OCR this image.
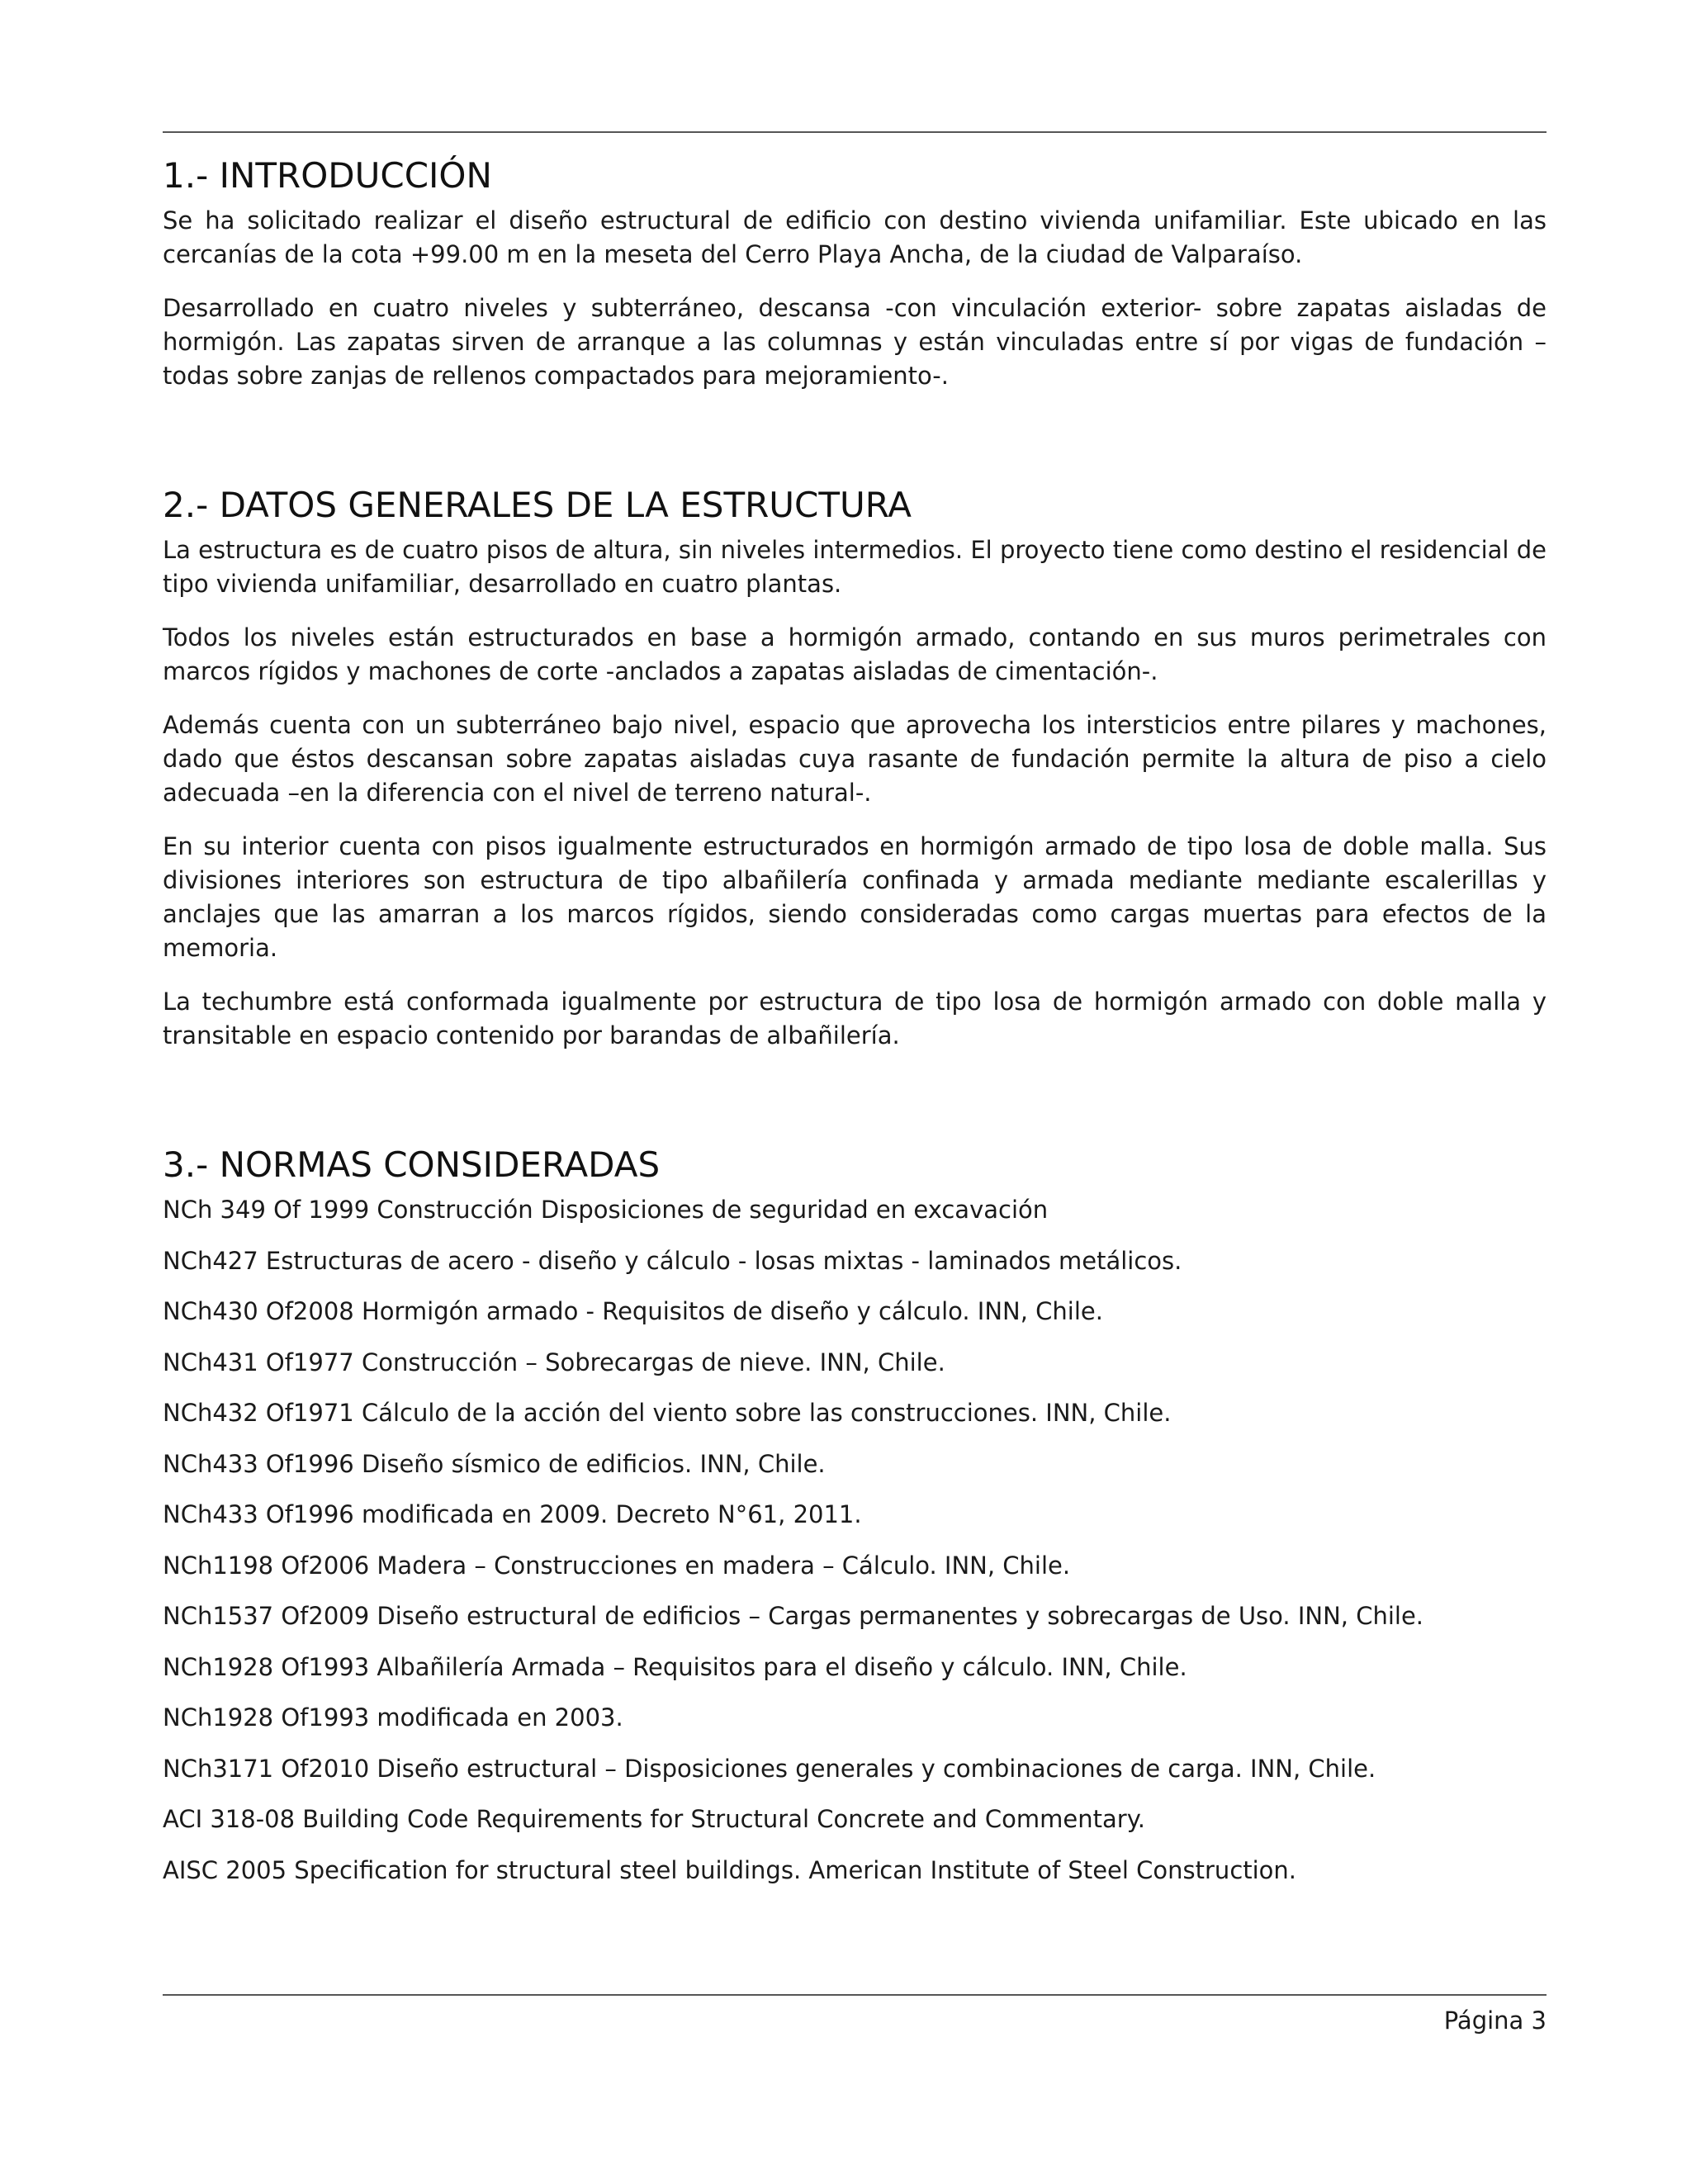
1.- INTRODUCCIÓN

Se ha solicitado realizar el diseño estructural de edificio con destino vivienda unifamiliar. Este ubicado en las cercanías de la cota +99.00 m en la meseta del Cerro Playa Ancha, de la ciudad de Valparaíso.

Desarrollado en cuatro niveles y subterráneo, descansa -con vinculación exterior- sobre zapatas aisladas de hormigón. Las zapatas sirven de arranque a las columnas y están vinculadas entre sí por vigas de fundación –todas sobre zanjas de rellenos compactados para mejoramiento-.

2.- DATOS GENERALES DE LA ESTRUCTURA

La estructura es de cuatro pisos de altura, sin niveles intermedios. El proyecto tiene como destino el residencial de tipo vivienda unifamiliar, desarrollado en cuatro plantas.

Todos los niveles están estructurados en base a hormigón armado, contando en sus muros perimetrales con marcos rígidos y machones de corte -anclados a zapatas aisladas de cimentación-.

Además cuenta con un subterráneo bajo nivel, espacio que aprovecha los intersticios entre pilares y machones, dado que éstos descansan sobre zapatas aisladas cuya rasante de fundación permite la altura de piso a cielo adecuada –en la diferencia con el nivel de terreno natural-.

En su interior cuenta con pisos igualmente estructurados en hormigón armado de tipo losa de doble malla. Sus divisiones interiores son estructura de tipo albañilería confinada y armada mediante mediante escalerillas y anclajes que las amarran a los marcos rígidos, siendo consideradas como cargas muertas para efectos de la memoria.

La techumbre está conformada igualmente por estructura de tipo losa de hormigón armado con doble malla y transitable en espacio contenido por barandas de albañilería.

3.- NORMAS CONSIDERADAS
NCh 349 Of 1999 Construcción Disposiciones de seguridad en excavación
NCh427 Estructuras de acero - diseño y cálculo - losas mixtas - laminados metálicos.
NCh430 Of2008 Hormigón armado - Requisitos de diseño y cálculo. INN, Chile.
NCh431 Of1977 Construcción – Sobrecargas de nieve. INN, Chile.
NCh432 Of1971 Cálculo de la acción del viento sobre las construcciones. INN, Chile.
NCh433 Of1996 Diseño sísmico de edificios. INN, Chile.
NCh433 Of1996 modificada en 2009. Decreto N°61, 2011.
NCh1198 Of2006 Madera – Construcciones en madera – Cálculo. INN, Chile.
NCh1537 Of2009 Diseño estructural de edificios – Cargas permanentes y sobrecargas de Uso. INN, Chile.
NCh1928 Of1993 Albañilería Armada – Requisitos para el diseño y cálculo. INN, Chile.
NCh1928 Of1993 modificada en 2003.
NCh3171 Of2010 Diseño estructural – Disposiciones generales y combinaciones de carga. INN, Chile.
ACI 318-08 Building Code Requirements for Structural Concrete and Commentary.
AISC 2005 Specification for structural steel buildings. American Institute of Steel Construction.
Página 3
